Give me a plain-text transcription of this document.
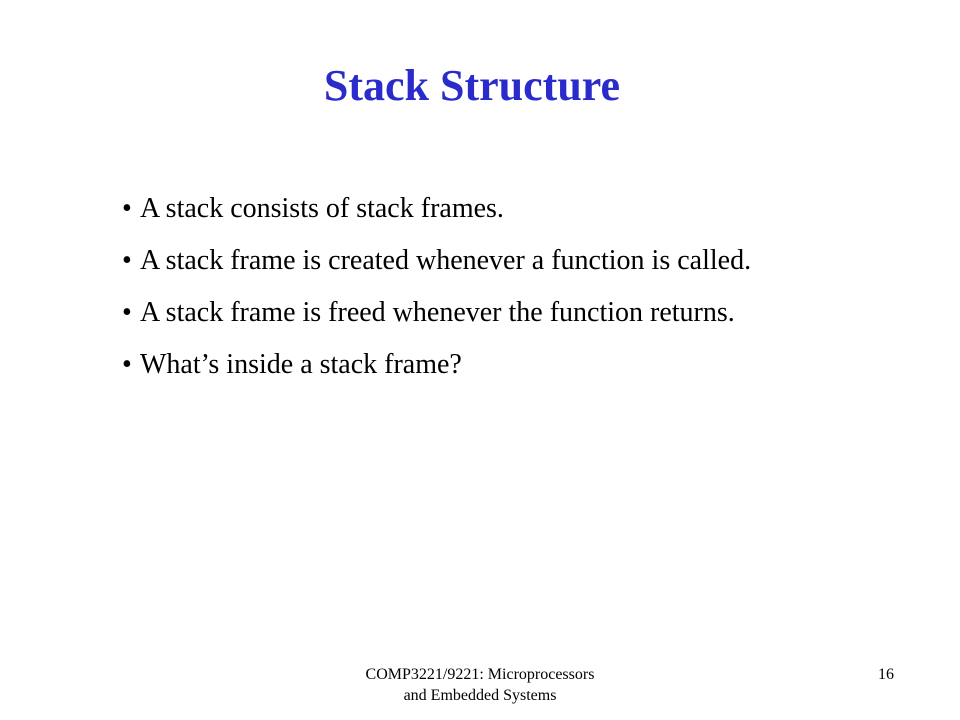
Stack Structure
• A stack consists of stack frames.
• A stack frame is created whenever a function is called.
• A stack frame is freed whenever the function returns.
• What’s inside a stack frame?
COMP3221/9221: Microprocessors
and Embedded Systems
16
